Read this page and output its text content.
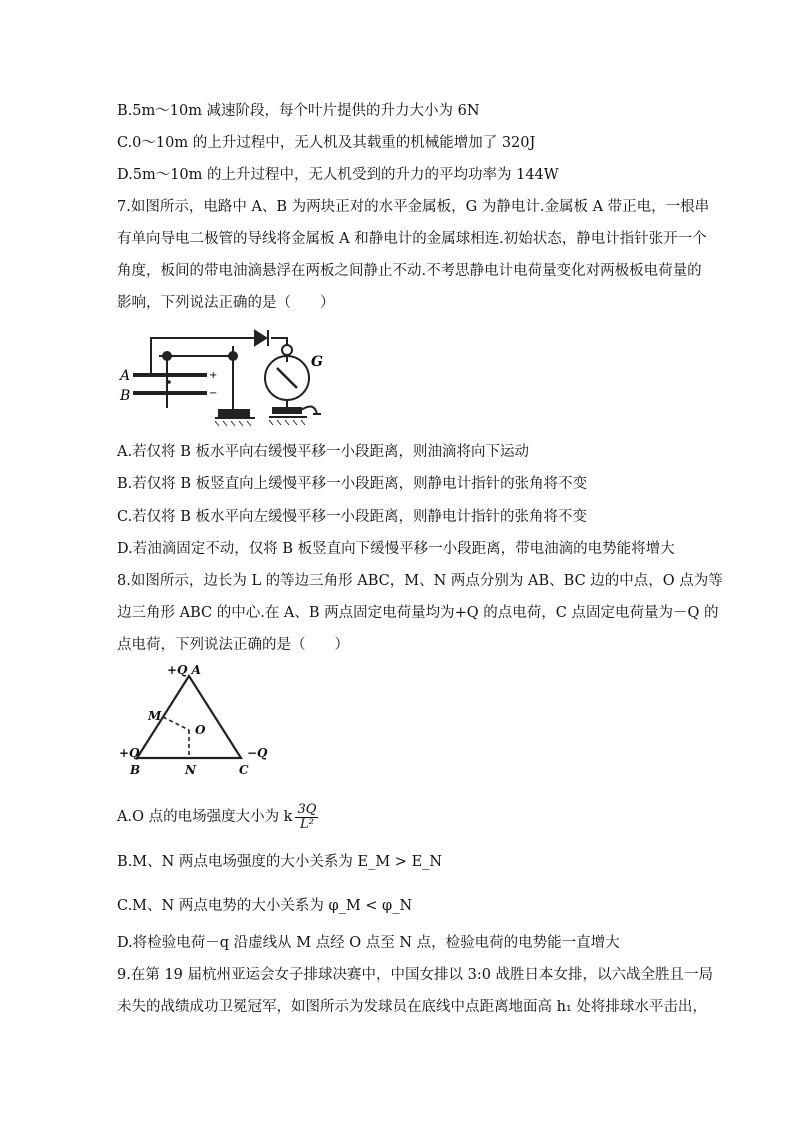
B.5m～10m 减速阶段，每个叶片提供的升力大小为 6N
C.0～10m 的上升过程中，无人机及其载重的机械能增加了 320J
D.5m～10m 的上升过程中，无人机受到的升力的平均功率为 144W
7.如图所示，电路中 A、B 为两块正对的水平金属板，G 为静电计.金属板 A 带正电，一根串
有单向导电二极管的导线将金属板 A 和静电计的金属球相连.初始状态，静电计指针张开一个
角度，板间的带电油滴悬浮在两板之间静止不动.不考思静电计电荷量变化对两极板电荷量的
影响，下列说法正确的是（　　）
A
B
+
−
G
A.若仅将 B 板水平向右缓慢平移一小段距离，则油滴将向下运动
B.若仅将 B 板竖直向上缓慢平移一小段距离，则静电计指针的张角将不变
C.若仅将 B 板水平向左缓慢平移一小段距离，则静电计指针的张角将不变
D.若油滴固定不动，仅将 B 板竖直向下缓慢平移一小段距离，带电油滴的电势能将增大
8.如图所示，边长为 L 的等边三角形 ABC，M、N 两点分别为 AB、BC 边的中点，O 点为等
边三角形 ABC 的中心.在 A、B 两点固定电荷量均为+Q 的点电荷，C 点固定电荷量为－Q 的
点电荷，下列说法正确的是（　　）
+Q A
M
O
+Q
B	N	C
−Q
A.O 点的电场强度大小为 k $\frac{3Q}{\text{L²}}$
B.M、N 两点电场强度的大小关系为 E_M > E_N
C.M、N 两点电势的大小关系为 φ_M < φ_N
D.将检验电荷－q 沿虚线从 M 点经 O 点至 N 点，检验电荷的电势能一直增大
9.在第 19 届杭州亚运会女子排球决赛中，中国女排以 3:0 战胜日本女排，以六战全胜且一局
未失的战绩成功卫冕冠军，如图所示为发球员在底线中点距离地面高 h₁ 处将排球水平击出，
